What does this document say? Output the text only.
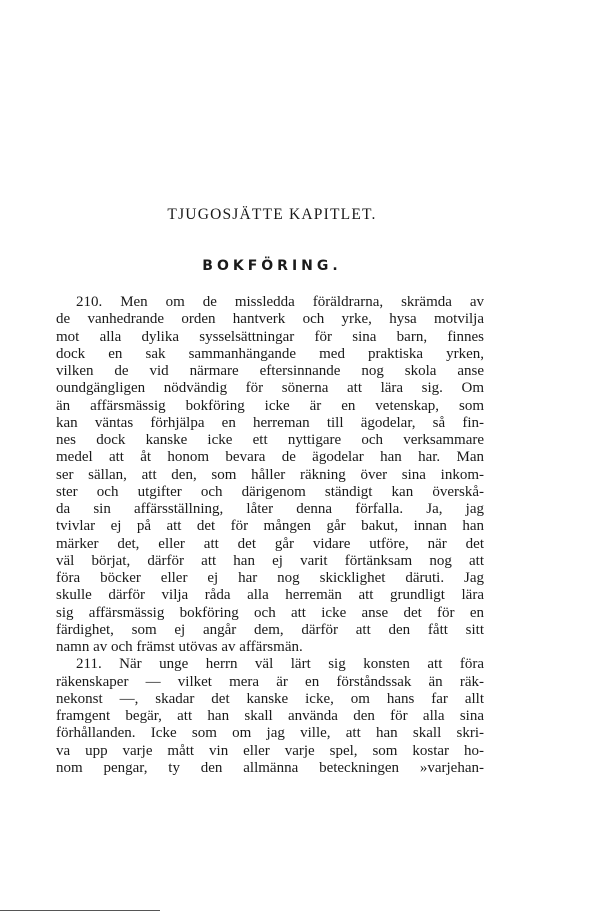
TJUGOSJÄTTE KAPITLET.
BOKFÖRING.
210. Men om de missledda föräldrarna, skrämda av
de vanhedrande orden hantverk och yrke, hysa motvilja
mot alla dylika sysselsättningar för sina barn, finnes
dock en sak sammanhängande med praktiska yrken,
vilken de vid närmare eftersinnande nog skola anse
oundgängligen nödvändig för sönerna att lära sig. Om
än affärsmässig bokföring icke är en vetenskap, som
kan väntas förhjälpa en herreman till ägodelar, så fin-
nes dock kanske icke ett nyttigare och verksammare
medel att åt honom bevara de ägodelar han har. Man
ser sällan, att den, som håller räkning över sina inkom-
ster och utgifter och därigenom ständigt kan överskå-
da sin affärsställning, låter denna förfalla. Ja, jag
tvivlar ej på att det för mången går bakut, innan han
märker det, eller att det går vidare utföre, när det
väl börjat, därför att han ej varit förtänksam nog att
föra böcker eller ej har nog skicklighet däruti. Jag
skulle därför vilja råda alla herremän att grundligt lära
sig affärsmässig bokföring och att icke anse det för en
färdighet, som ej angår dem, därför att den fått sitt
namn av och främst utövas av affärsmän.
211. När unge herrn väl lärt sig konsten att föra
räkenskaper — vilket mera är en förståndssak än räk-
nekonst —, skadar det kanske icke, om hans far allt
framgent begär, att han skall använda den för alla sina
förhållanden. Icke som om jag ville, att han skall skri-
va upp varje mått vin eller varje spel, som kostar ho-
nom pengar, ty den allmänna beteckningen »varjehan-
